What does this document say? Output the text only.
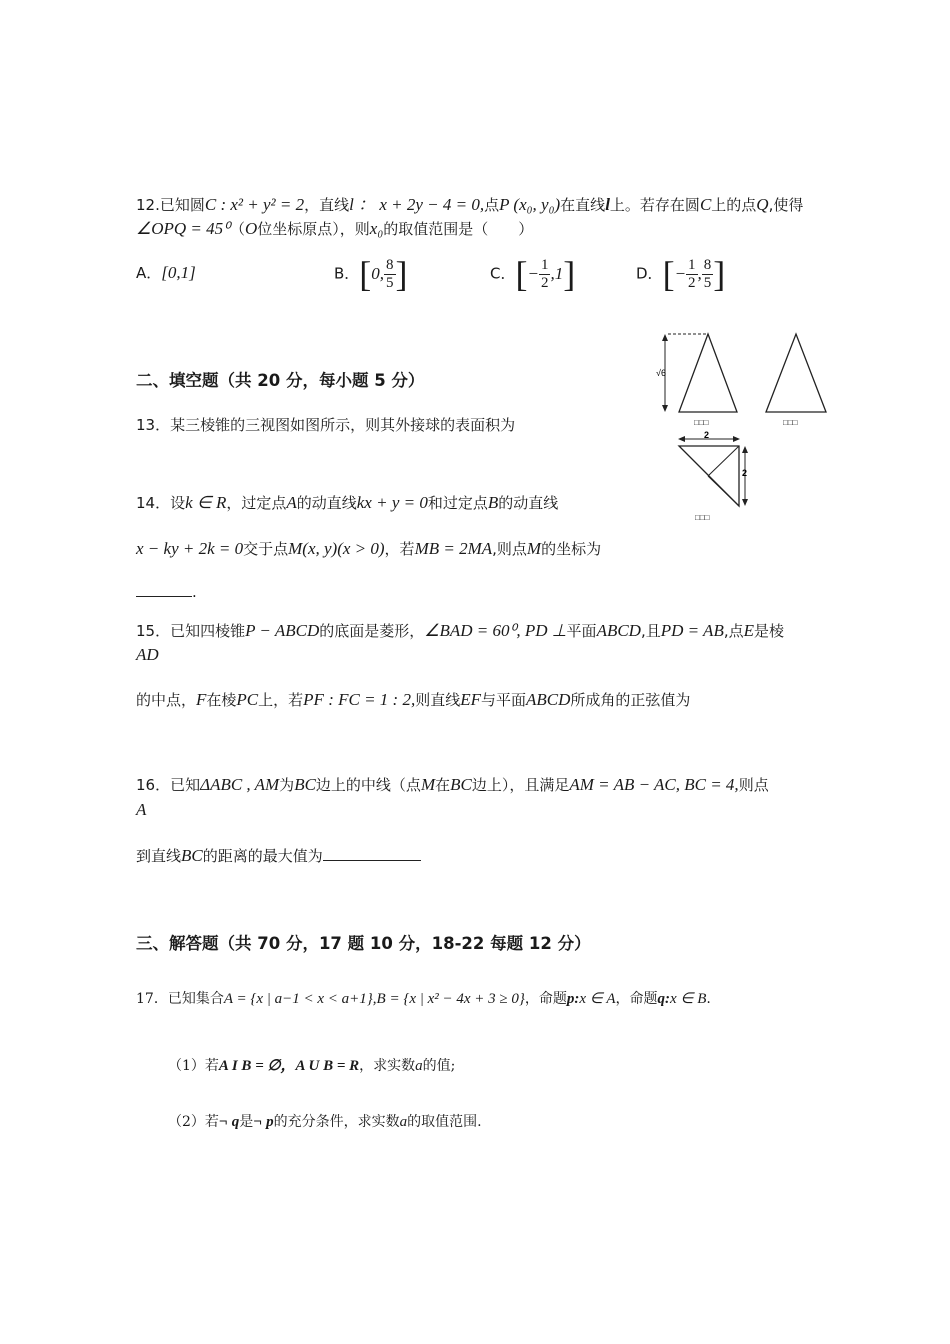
12.已知圆C : x² + y² = 2，直线l ： x + 2y − 4 = 0,点P (x₀, y₀)在直线l上。若存在圆C上的点Q,使得
∠OPQ = 45⁰（O位坐标原点），则x₀的取值范围是（　　）
A．[0,1]	B．[0, $\frac{8}{5}$ ]	C．[− $\frac{1}{2} ,1$]	D．[− $\frac{1}{2}$ , $\frac{8}{5}$ ]
二、填空题（共 20 分，每小题 5 分）	√6
□□□	□□□
2
2
□□□
13．某三棱锥的三视图如图所示，则其外接球的表面积为
14．设k ∈ R，过定点A的动直线kx + y = 0和过定点B的动直线
x − ky + 2k = 0交于点M(x, y)(x > 0)，若MB = 2MA,则点M的坐标为
.
15．已知四棱锥P − ABCD的底面是菱形，∠BAD = 60⁰, PD ⊥平面ABCD,且PD = AB,点E是棱
AD
的中点，F在棱PC上，若PF : FC = 1 : 2,则直线EF与平面ABCD所成角的正弦值为
16．已知ΔABC , AM为BC边上的中线（点M在BC边上），且满足AM = AB − AC, BC = 4,则点
A
到直线BC的距离的最大值为
三、解答题（共 70 分，17 题 10 分，18-22 每题 12 分）
17．已知集合A = {x | a−1 < x < a+1},B = {x | x² − 4x + 3 ≥ 0}，命题p:x ∈ A，命题q:x ∈ B.
（1）若A I B = ∅，A U B = R，求实数a的值;
（2）若¬ q是¬ p的充分条件，求实数a的取值范围.
